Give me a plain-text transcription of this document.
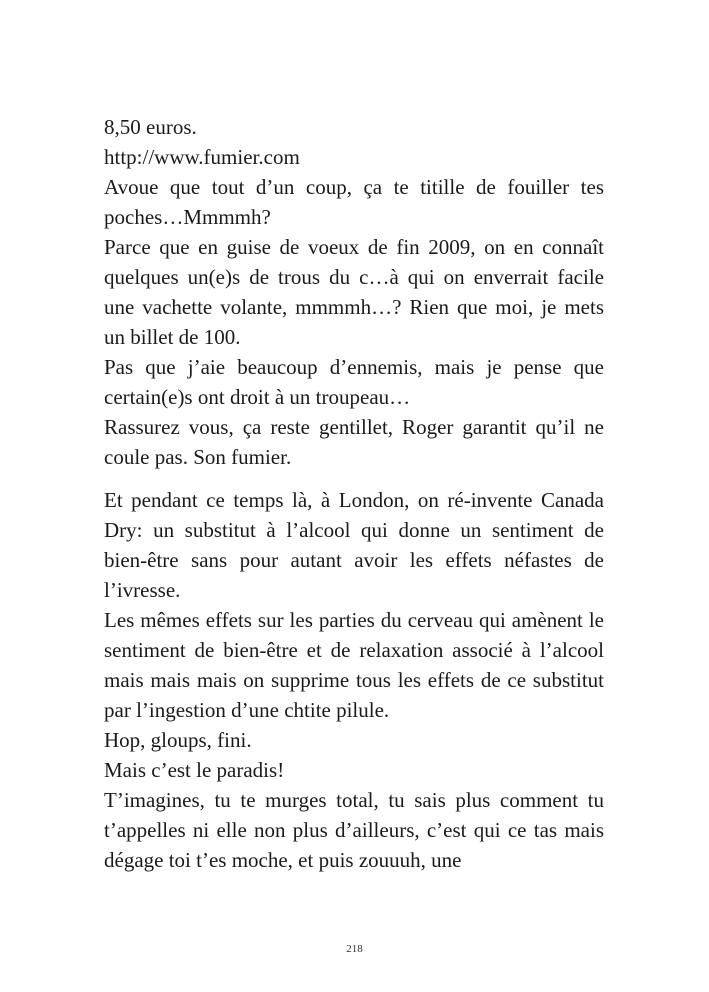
8,50 euros.

http://www.fumier.com

Avoue que tout d’un coup, ça te titille de fouiller tes poches…Mmmmh?

Parce que en guise de voeux de fin 2009, on en connaît quelques un(e)s de trous du c…à qui on enverrait facile une vachette volante, mmmmh…? Rien que moi, je mets un billet de 100.

Pas que j’aie beaucoup d’ennemis, mais je pense que certain(e)s ont droit à un troupeau…

Rassurez vous, ça reste gentillet, Roger garantit qu’il ne coule pas. Son fumier.

Et pendant ce temps là, à London, on ré-invente Canada Dry: un substitut à l’alcool qui donne un sentiment de bien-être sans pour autant avoir les effets néfastes de l’ivresse.

Les mêmes effets sur les parties du cerveau qui amènent le sentiment de bien-être et de relaxation associé à l’alcool mais mais mais on supprime tous les effets de ce substitut par l’ingestion d’une chtite pilule.

Hop, gloups, fini.

Mais c’est le paradis!

T’imagines, tu te murges total, tu sais plus comment tu t’appelles ni elle non plus d’ailleurs, c’est qui ce tas mais dégage toi t’es moche, et puis zouuuh, une

218
